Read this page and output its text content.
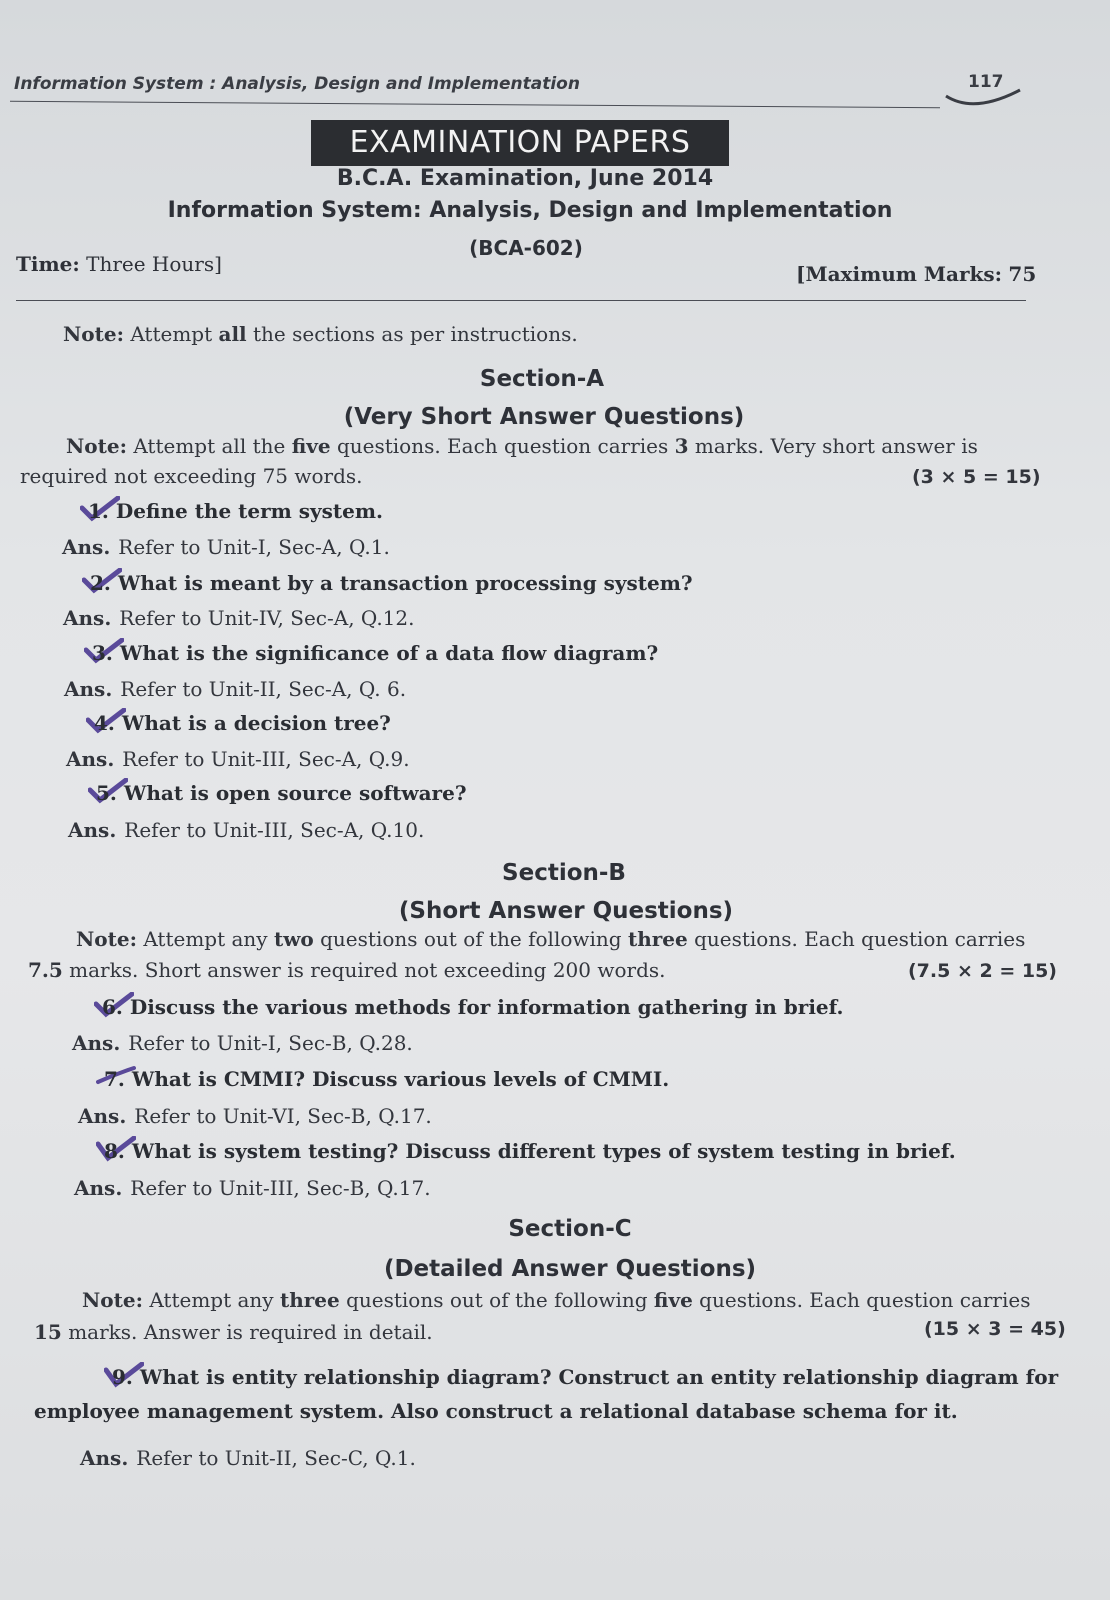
Information System : Analysis, Design and Implementation	117
EXAMINATION PAPERS
B.C.A. Examination, June 2014
Information System: Analysis, Design and Implementation
(BCA-602)
Time: Three Hours]	[Maximum Marks: 75
Note: Attempt all the sections as per instructions.
Section-A
(Very Short Answer Questions)
Note: Attempt all the five questions. Each question carries 3 marks. Very short answer is
required not exceeding 75 words.	(3 × 5 = 15)
1. Define the term system.
Ans. Refer to Unit-I, Sec-A, Q.1.
2. What is meant by a transaction processing system?
Ans. Refer to Unit-IV, Sec-A, Q.12.
3. What is the significance of a data flow diagram?
Ans. Refer to Unit-II, Sec-A, Q. 6.
4. What is a decision tree?
Ans. Refer to Unit-III, Sec-A, Q.9.
5. What is open source software?
Ans. Refer to Unit-III, Sec-A, Q.10.
Section-B
(Short Answer Questions)
Note: Attempt any two questions out of the following three questions. Each question carries
7.5 marks. Short answer is required not exceeding 200 words.	(7.5 × 2 = 15)
6. Discuss the various methods for information gathering in brief.
Ans. Refer to Unit-I, Sec-B, Q.28.
7. What is CMMI? Discuss various levels of CMMI.
Ans. Refer to Unit-VI, Sec-B, Q.17.
8. What is system testing? Discuss different types of system testing in brief.
Ans. Refer to Unit-III, Sec-B, Q.17.
Section-C
(Detailed Answer Questions)
Note: Attempt any three questions out of the following five questions. Each question carries
15 marks. Answer is required in detail.	(15 × 3 = 45)
9. What is entity relationship diagram? Construct an entity relationship diagram for
employee management system. Also construct a relational database schema for it.
Ans. Refer to Unit-II, Sec-C, Q.1.
